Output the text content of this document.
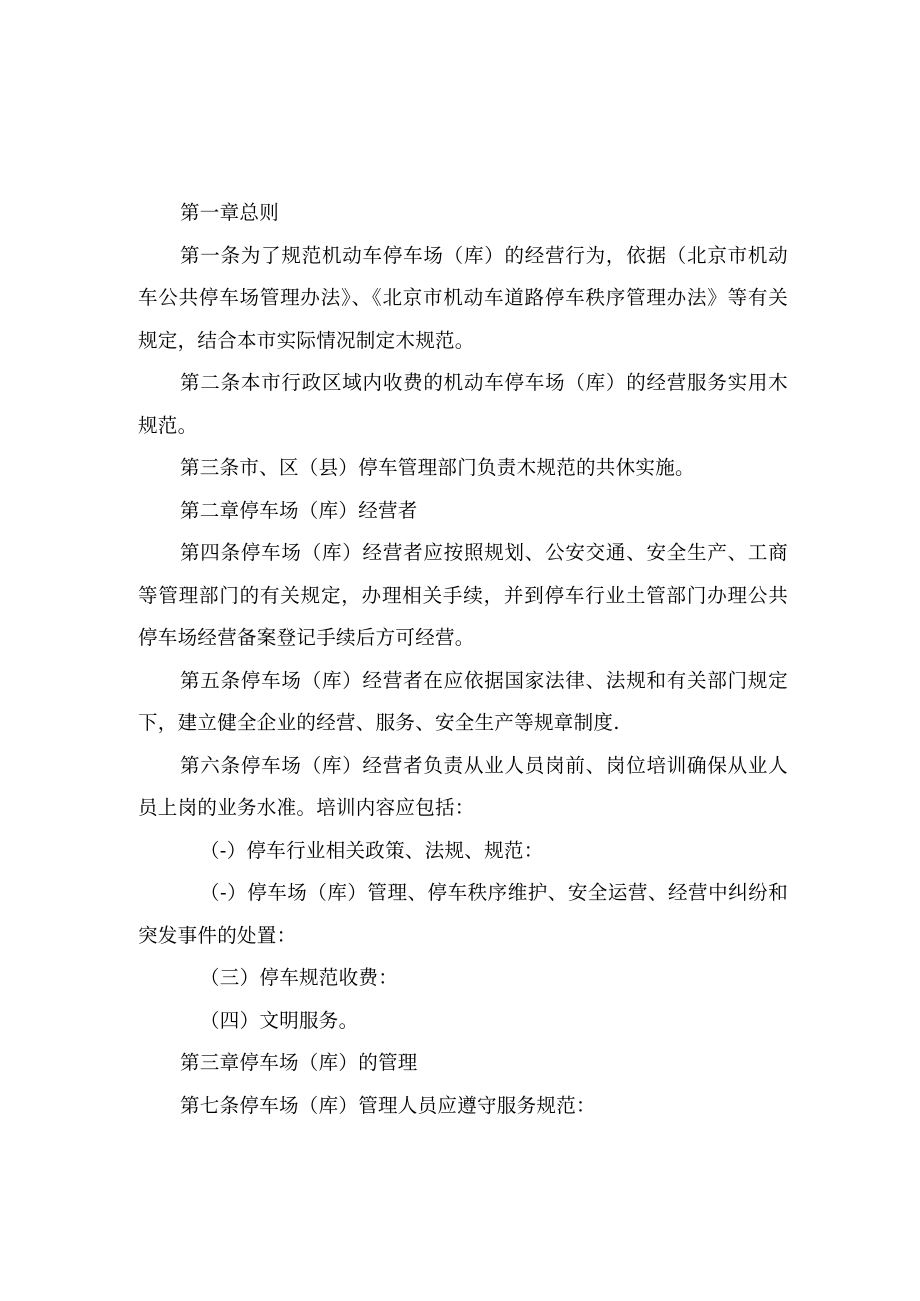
第一章总则

第一条为了规范机动车停车场（库）的经营行为，依据（北京市机动车公共停车场管理办法》、《北京市机动车道路停车秩序管理办法》等有关规定，结合本市实际情况制定木规范。

第二条本市行政区域内收费的机动车停车场（库）的经营服务实用木规范。

第三条市、区（县）停车管理部门负责木规范的共休实施。

第二章停车场（库）经营者

第四条停车场（库）经营者应按照规划、公安交通、安全生产、工商等管理部门的有关规定，办理相关手续，并到停车行业土管部门办理公共停车场经营备案登记手续后方可经营。

第五条停车场（库）经营者在应依据国家法律、法规和有关部门规定下，建立健全企业的经营、服务、安全生产等规章制度.

第六条停车场（库）经营者负责从业人员岗前、岗位培训确保从业人员上岗的业务水准。培训内容应包括：

（-）停车行业相关政策、法规、规范：

（-）停车场（库）管理、停车秩序维护、安全运营、经营中纠纷和突发事件的处置：

（三）停车规范收费：

（四）文明服务。

第三章停车场（库）的管理

第七条停车场（库）管理人员应遵守服务规范：
